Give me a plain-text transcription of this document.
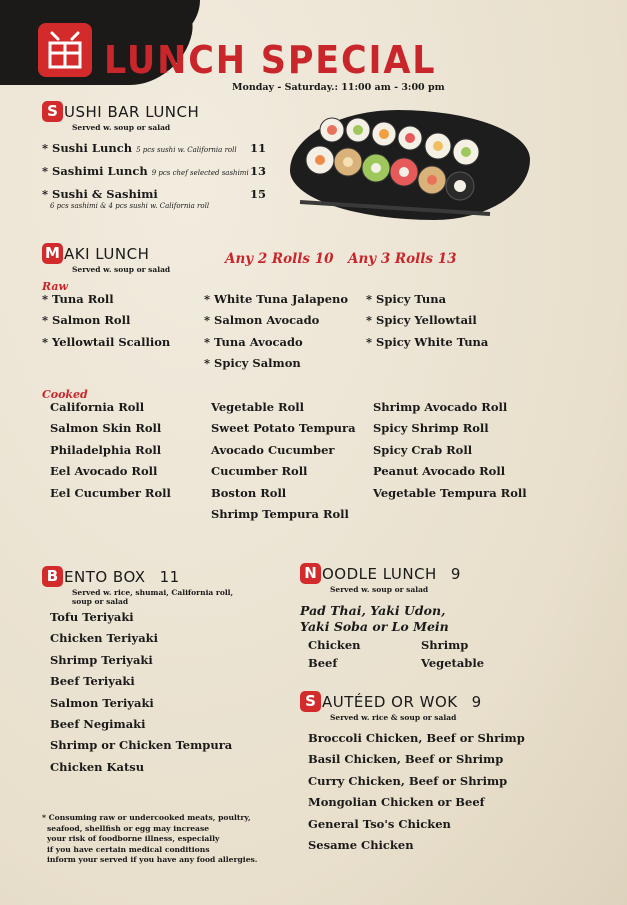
LUNCH SPECIAL
Monday - Saturday.: 11:00 am - 3:00 pm
S USHI BAR LUNCH
Served w. soup or salad
* Sushi Lunch 5 pcs sushi w. California roll 11
* Sashimi Lunch 9 pcs chef selected sashimi 13
* Sushi & Sashimi
6 pcs sashimi & 4 pcs sushi w. California roll
15
M AKI LUNCH
Served w. soup or salad
Any 2 Rolls 10 Any 3 Rolls 13
Raw
* Tuna Roll
* Salmon Roll
* Yellowtail Scallion
* White Tuna Jalapeno
* Salmon Avocado
* Tuna Avocado
* Spicy Salmon
* Spicy Tuna
* Spicy Yellowtail
* Spicy White Tuna
Cooked
California Roll
Salmon Skin Roll
Philadelphia Roll
Eel Avocado Roll
Eel Cucumber Roll
Vegetable Roll
Sweet Potato Tempura
Avocado Cucumber
Cucumber Roll
Boston Roll
Shrimp Tempura Roll
Shrimp Avocado Roll
Spicy Shrimp Roll
Spicy Crab Roll
Peanut Avocado Roll
Vegetable Tempura Roll
B ENTO BOX 11
Served w. rice, shumai, California roll,
soup or salad
Tofu Teriyaki
Chicken Teriyaki
Shrimp Teriyaki
Beef Teriyaki
Salmon Teriyaki
Beef Negimaki
Shrimp or Chicken Tempura
Chicken Katsu
* Consuming raw or undercooked meats, poultry,
seafood, shellfish or egg may increase
your risk of foodborne illness, especially
if you have certain medical conditions
inform your served if you have any food allergies.
N OODLE LUNCH 9
Served w. soup or salad
Pad Thai, Yaki Udon,
Yaki Soba or Lo Mein
Chicken	Shrimp
Beef	Vegetable
S AUTÉED OR WOK 9
Served w. rice & soup or salad
Broccoli Chicken, Beef or Shrimp
Basil Chicken, Beef or Shrimp
Curry Chicken, Beef or Shrimp
Mongolian Chicken or Beef
General Tso's Chicken
Sesame Chicken
